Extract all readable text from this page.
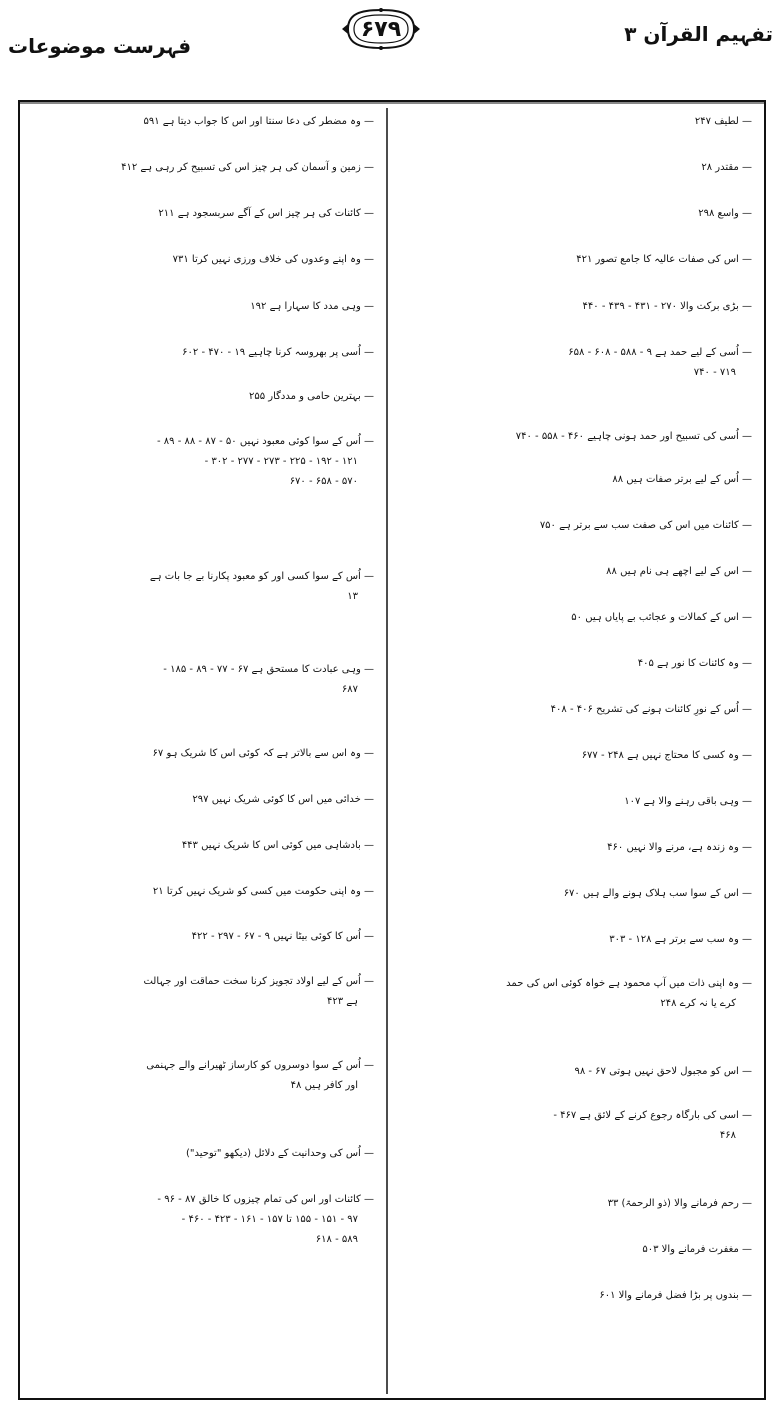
تفہیم القرآن ۳
۶۷۹
فہرست موضوعات
— لطیف ۲۴۷
— مقتدر ۲۸
— واسع ۲۹۸
— اس کی صفات عالیہ کا جامع تصور ۴۲۱
— بڑی برکت والا ۲۷۰ - ۴۳۱ - ۴۳۹ - ۴۴۰
— اُسی کے لیے حمد ہے ۹ - ۵۸۸ - ۶۰۸ - ۶۵۸
۷۱۹ - ۷۴۰
— اُسی کی تسبیح اور حمد ہونی چاہیے ۴۶۰ - ۵۵۸ - ۷۴۰
— اُس کے لیے برتر صفات ہیں ۸۸
— کائنات میں اس کی صفت سب سے برتر ہے ۷۵۰
— اس کے لیے اچھے ہی نام ہیں ۸۸
— اس کے کمالات و عجائب بے پایاں ہیں ۵۰
— وہ کائنات کا نور ہے ۴۰۵
— اُس کے نورِ کائنات ہونے کی تشریح ۴۰۶ - ۴۰۸
— وہ کسی کا محتاج نہیں ہے ۲۴۸ - ۶۷۷
— وہی باقی رہنے والا ہے ۱۰۷
— وہ زندہ ہے، مرنے والا نہیں ۴۶۰
— اس کے سوا سب ہلاک ہونے والے ہیں ۶۷۰
— وہ سب سے برتر ہے ۱۲۸ - ۳۰۳
— وہ اپنی ذات میں آپ محمود ہے خواہ کوئی اس کی حمد
کرے یا نہ کرے ۲۴۸
— اس کو مجبول لاحق نہیں ہوتی ۶۷ - ۹۸
— اسی کی بارگاہ رجوع کرنے کے لائق ہے ۴۶۷ -
۴۶۸
— رحم فرمانے والا (ذو الرحمۃ) ۳۳
— مغفرت فرمانے والا ۵۰۳
— بندوں پر بڑا فضل فرمانے والا ۶۰۱
— وہ مضطر کی دعا سنتا اور اس کا جواب دیتا ہے ۵۹۱
— زمین و آسمان کی ہر چیز اس کی تسبیح کر رہی ہے ۴۱۲
— کائنات کی ہر چیز اس کے آگے سربسجود ہے ۲۱۱
— وہ اپنے وعدوں کی خلاف ورزی نہیں کرتا ۷۳۱
— وہی مدد کا سہارا ہے ۱۹۲
— اُسی پر بھروسہ کرنا چاہیے ۱۹ - ۴۷۰ - ۶۰۲
— بہترین حامی و مددگار ۲۵۵
— اُس کے سوا کوئی معبود نہیں ۵۰ - ۸۷ - ۸۸ - ۸۹ -
۱۲۱ - ۱۹۲ - ۲۲۵ - ۲۷۳ - ۲۷۷ - ۳۰۲ -
۵۷۰ - ۶۵۸ - ۶۷۰
— اُس کے سوا کسی اور کو معبود پکارنا بے جا بات ہے
۱۳
— وہی عبادت کا مستحق ہے ۶۷ - ۷۷ - ۸۹ - ۱۸۵ -
۶۸۷
— وہ اس سے بالاتر ہے کہ کوئی اس کا شریک ہو ۶۷
— خدائی میں اس کا کوئی شریک نہیں ۲۹۷
— بادشاہی میں کوئی اس کا شریک نہیں ۴۴۳
— وہ اپنی حکومت میں کسی کو شریک نہیں کرتا ۲۱
— اُس کا کوئی بیٹا نہیں ۹ - ۶۷ - ۲۹۷ - ۴۲۲
— اُس کے لیے اولاد تجویز کرنا سخت حماقت اور جہالت
ہے ۴۲۳
— اُس کے سوا دوسروں کو کارساز ٹھیرانے والے جہنمی
اور کافر ہیں ۴۸
— اُس کی وحدانیت کے دلائل (دیکھو "توحید")
— کائنات اور اس کی تمام چیزوں کا خالق ۸۷ - ۹۶ -
۹۷ - ۱۵۱ - ۱۵۵ تا ۱۵۷ - ۱۶۱ - ۴۲۳ - ۴۶۰ -
۵۸۹ - ۶۱۸
